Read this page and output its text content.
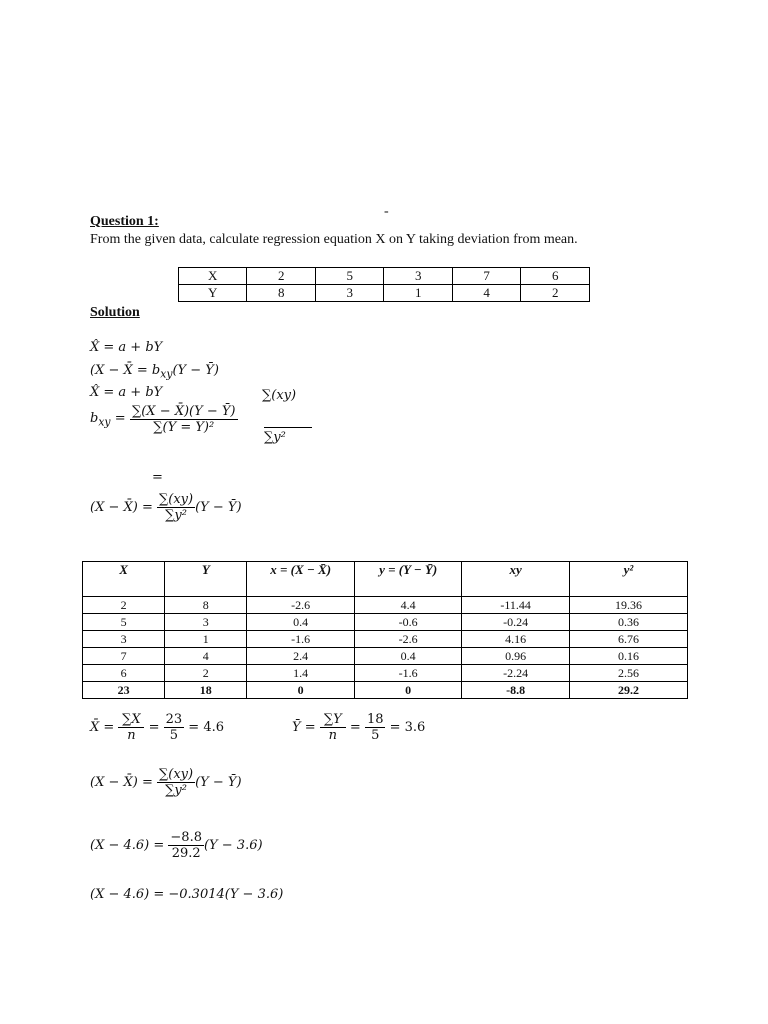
-
Question 1:
From the given data, calculate regression equation X on Y taking deviation from mean.
X	2	5	3	7	6
Y	8	3	1	4	2
Solution
X̂ = a + bY
(X − X̄ = $b_{xy}(Y$ − Ȳ)
X̂ = a + bY	∑(xy)
$b_{xy} = \frac{\sum(X - X̄)(Y - Ȳ)}{\text{∑(Y = Y)²}}$
∑y²
=
(X − X̄) = $\frac{\sum(xy)}{\text{∑y²}} (Y$ − Ȳ)
X	Y	x = (X − X̄)	y = (Y − Ȳ)	xy	y²
2	8	-2.6	4.4	-11.44	19.36
5	3	0.4	-0.6	-0.24	0.36
3	1	-1.6	-2.6	4.16	6.76
7	4	2.4	0.4	0.96	0.16
6	2	1.4	-1.6	-2.24	2.56
23	18	0	0	-8.8	29.2
X̄ = $\frac{\sum X}{n} = \frac{23}{5} = 4.6$	Ȳ = $\frac{\sum Y}{n} = \frac{18}{5} = 3.6$
(X − X̄) = $\frac{\sum(xy)}{\text{∑y²}} (Y$ − Ȳ)
$(X - 4.6) = \frac{-8.8}{29.2} (Y - 3.6)$
(X − 4.6) = −0.3014(Y − 3.6)
